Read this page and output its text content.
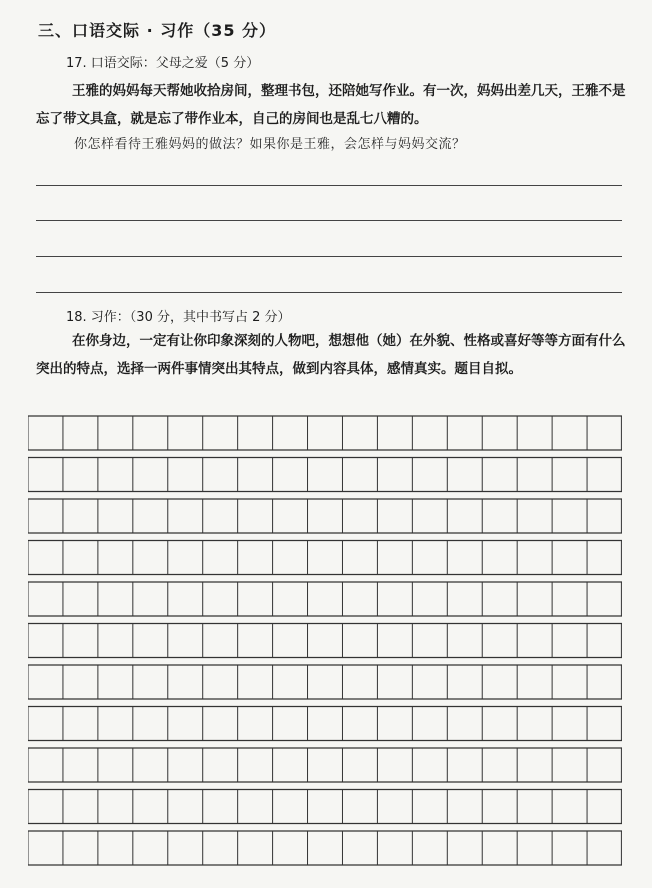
三、口语交际 · 习作（35 分）
17. 口语交际：父母之爱（5 分）

王雅的妈妈每天帮她收拾房间，整理书包，还陪她写作业。有一次，妈妈出差几天，王雅不是忘了带文具盒，就是忘了带作业本，自己的房间也是乱七八糟的。

你怎样看待王雅妈妈的做法？如果你是王雅，会怎样与妈妈交流？
18. 习作：（30 分，其中书写占 2 分）

在你身边，一定有让你印象深刻的人物吧，想想他（她）在外貌、性格或喜好等等方面有什么突出的特点，选择一两件事情突出其特点，做到内容具体，感情真实。题目自拟。
